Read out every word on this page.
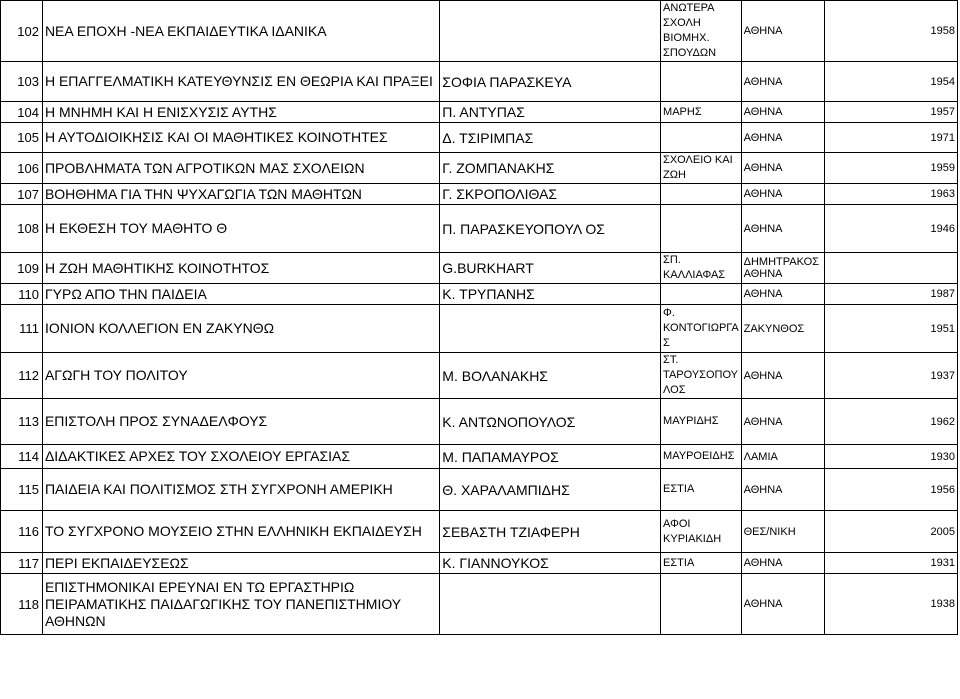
102	ΝΕΑ ΕΠΟΧΗ -ΝΕΑ ΕΚΠΑΙΔΕΥΤΙΚΑ ΙΔΑΝΙΚΑ		ΑΝΩΤΕΡΑ ΣΧΟΛΗ ΒΙΟΜΗΧ. ΣΠΟΥΔΩΝ	ΑΘΗΝΑ	1958
103	Η ΕΠΑΓΓΕΛΜΑΤΙΚΗ ΚΑΤΕΥΘΥΝΣΙΣ ΕΝ ΘΕΩΡΙΑ ΚΑΙ ΠΡΑΞΕΙ	ΣΟΦΙΑ ΠΑΡΑΣΚΕΥΑ		ΑΘΗΝΑ	1954
104	Η ΜΝΗΜΗ ΚΑΙ Η ΕΝΙΣΧΥΣΙΣ ΑΥΤΗΣ	Π. ΑΝΤΥΠΑΣ	ΜΑΡΗΣ	ΑΘΗΝΑ	1957
105	Η ΑΥΤΟΔΙΟΙΚΗΣΙΣ ΚΑΙ ΟΙ ΜΑΘΗΤΙΚΕΣ ΚΟΙΝΟΤΗΤΕΣ	Δ. ΤΣΙΡΙΜΠΑΣ		ΑΘΗΝΑ	1971
106	ΠΡΟΒΛΗΜΑΤΑ ΤΩΝ ΑΓΡΟΤΙΚΩΝ ΜΑΣ ΣΧΟΛΕΙΩΝ	Γ. ΖΟΜΠΑΝΑΚΗΣ	ΣΧΟΛΕΙΟ ΚΑΙ ΖΩΗ	ΑΘΗΝΑ	1959
107	ΒΟΗΘΗΜΑ ΓΙΑ ΤΗΝ ΨΥΧΑΓΩΓΙΑ ΤΩΝ ΜΑΘΗΤΩΝ	Γ. ΣΚΡΟΠΟΛΙΘΑΣ		ΑΘΗΝΑ	1963
108	Η ΕΚΘΕΣΗ ΤΟΥ ΜΑΘΗΤΟ Θ	Π. ΠΑΡΑΣΚΕΥΟΠΟΥΛ ΟΣ		ΑΘΗΝΑ	1946
109	Η ΖΩΗ ΜΑΘΗΤΙΚΗΣ ΚΟΙΝΟΤΗΤΟΣ	G.BURKHART	ΣΠ. ΚΑΛΛΙΑΦΑΣ	ΔΗΜΗΤΡΑΚΟΣ ΑΘΗΝΑ	
110	ΓΥΡΩ ΑΠΟ ΤΗΝ ΠΑΙΔΕΙΑ	Κ. ΤΡΥΠΑΝΗΣ		ΑΘΗΝΑ	1987
111	ΙΟΝΙΟΝ ΚΟΛΛΕΓΙΟΝ ΕΝ ΖΑΚΥΝΘΩ		Φ. ΚΟΝΤΟΓΙΩΡΓΑ Σ	ΖΑΚΥΝΘΟΣ	1951
112	ΑΓΩΓΗ ΤΟΥ ΠΟΛΙΤΟΥ	Μ. ΒΟΛΑΝΑΚΗΣ	ΣΤ. ΤΑΡΟΥΣΟΠΟΥ ΛΟΣ	ΑΘΗΝΑ	1937
113	ΕΠΙΣΤΟΛΗ ΠΡΟΣ ΣΥΝΑΔΕΛΦΟΥΣ	Κ. ΑΝΤΩΝΟΠΟΥΛΟΣ	ΜΑΥΡΙΔΗΣ	ΑΘΗΝΑ	1962
114	ΔΙΔΑΚΤΙΚΕΣ ΑΡΧΕΣ ΤΟΥ ΣΧΟΛΕΙΟΥ ΕΡΓΑΣΙΑΣ	Μ. ΠΑΠΑΜΑΥΡΟΣ	ΜΑΥΡΟΕΙΔΗΣ	ΛΑΜΙΑ	1930
115	ΠΑΙΔΕΙΑ ΚΑΙ ΠΟΛΙΤΙΣΜΟΣ ΣΤΗ ΣΥΓΧΡΟΝΗ ΑΜΕΡΙΚΗ	Θ. ΧΑΡΑΛΑΜΠΙΔΗΣ	ΕΣΤΙΑ	ΑΘΗΝΑ	1956
116	ΤΟ ΣΥΓΧΡΟΝΟ ΜΟΥΣΕΙΟ ΣΤΗΝ ΕΛΛΗΝΙΚΗ ΕΚΠΑΙΔΕΥΣΗ	ΣΕΒΑΣΤΗ ΤΖΙΑΦΕΡΗ	ΑΦΟΙ ΚΥΡΙΑΚΙΔΗ	ΘΕΣ/ΝΙΚΗ	2005
117	ΠΕΡΙ ΕΚΠΑΙΔΕΥΣΕΩΣ	Κ. ΓΙΑΝΝΟΥΚΟΣ	ΕΣΤΙΑ	ΑΘΗΝΑ	1931
118	ΕΠΙΣΤΗΜΟΝΙΚΑΙ ΕΡΕΥΝΑΙ ΕΝ ΤΩ ΕΡΓΑΣΤΗΡΙΩ ΠΕΙΡΑΜΑΤΙΚΗΣ ΠΑΙΔΑΓΩΓΙΚΗΣ ΤΟΥ ΠΑΝΕΠΙΣΤΗΜΙΟΥ ΑΘΗΝΩΝ			ΑΘΗΝΑ	1938
